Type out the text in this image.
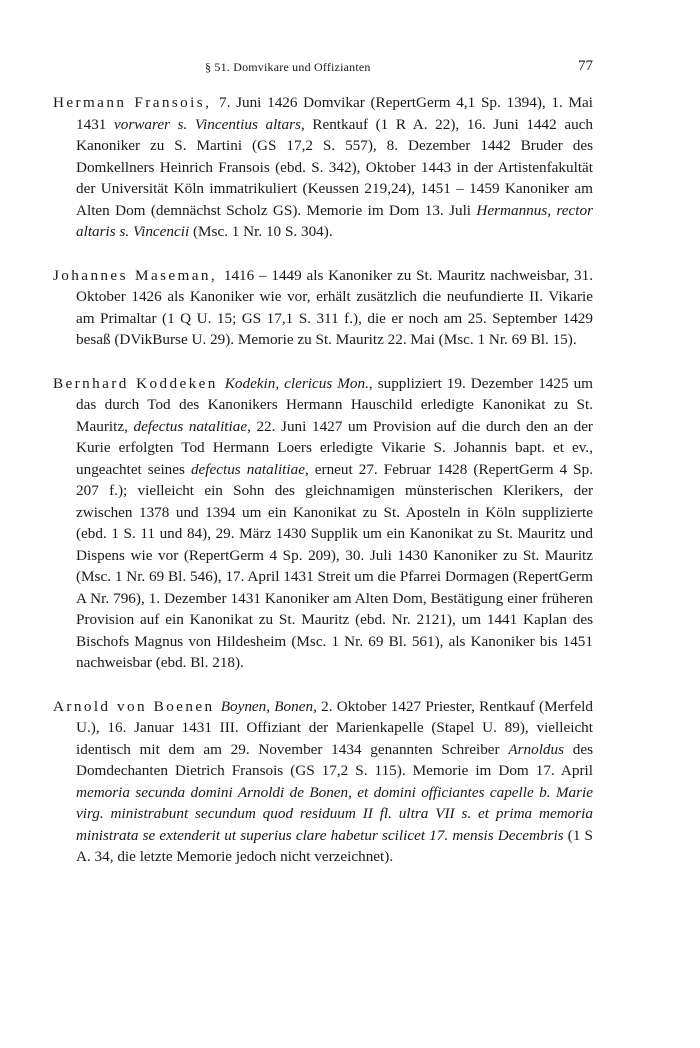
§ 51. Domvikare und Offizianten	77

Hermann Fransois, 7. Juni 1426 Domvikar (RepertGerm 4,1 Sp. 1394), 1. Mai 1431 vorwarer s. Vincentius altars, Rentkauf (1 R A. 22), 16. Juni 1442 auch Kanoniker zu S. Martini (GS 17,2 S. 557), 8. Dezember 1442 Bruder des Domkellners Heinrich Fransois (ebd. S. 342), Oktober 1443 in der Artistenfakultät der Universität Köln immatrikuliert (Keussen 219,24), 1451 – 1459 Kanoniker am Alten Dom (demnächst Scholz GS). Memorie im Dom 13. Juli Hermannus, rector altaris s. Vincencii (Msc. 1 Nr. 10 S. 304).

Johannes Maseman, 1416 – 1449 als Kanoniker zu St. Mauritz nachweisbar, 31. Oktober 1426 als Kanoniker wie vor, erhält zusätzlich die neufundierte II. Vikarie am Primaltar (1 Q U. 15; GS 17,1 S. 311 f.), die er noch am 25. September 1429 besaß (DVikBurse U. 29). Memorie zu St. Mauritz 22. Mai (Msc. 1 Nr. 69 Bl. 15).

Bernhard Koddeken Kodekin, clericus Mon., suppliziert 19. Dezember 1425 um das durch Tod des Kanonikers Hermann Hauschild erledigte Kanonikat zu St. Mauritz, defectus natalitiae, 22. Juni 1427 um Provision auf die durch den an der Kurie erfolgten Tod Hermann Loers erledigte Vikarie S. Johannis bapt. et ev., ungeachtet seines defectus natalitiae, erneut 27. Februar 1428 (RepertGerm 4 Sp. 207 f.); vielleicht ein Sohn des gleichnamigen münsterischen Klerikers, der zwischen 1378 und 1394 um ein Kanonikat zu St. Aposteln in Köln supplizierte (ebd. 1 S. 11 und 84), 29. März 1430 Supplik um ein Kanonikat zu St. Mauritz und Dispens wie vor (RepertGerm 4 Sp. 209), 30. Juli 1430 Kanoniker zu St. Mauritz (Msc. 1 Nr. 69 Bl. 546), 17. April 1431 Streit um die Pfarrei Dormagen (RepertGerm A Nr. 796), 1. Dezember 1431 Kanoniker am Alten Dom, Bestätigung einer früheren Provision auf ein Kanonikat zu St. Mauritz (ebd. Nr. 2121), um 1441 Kaplan des Bischofs Magnus von Hildesheim (Msc. 1 Nr. 69 Bl. 561), als Kanoniker bis 1451 nachweisbar (ebd. Bl. 218).

Arnold von Boenen Boynen, Bonen, 2. Oktober 1427 Priester, Rentkauf (Merfeld U.), 16. Januar 1431 III. Offiziant der Marienkapelle (Stapel U. 89), vielleicht identisch mit dem am 29. November 1434 genannten Schreiber Arnoldus des Domdechanten Dietrich Fransois (GS 17,2 S. 115). Memorie im Dom 17. April memoria secunda domini Arnoldi de Bonen, et domini officiantes capelle b. Marie virg. ministrabunt secundum quod residuum II fl. ultra VII s. et prima memoria ministrata se extenderit ut superius clare habetur scilicet 17. mensis Decembris (1 S A. 34, die letzte Memorie jedoch nicht verzeichnet).
